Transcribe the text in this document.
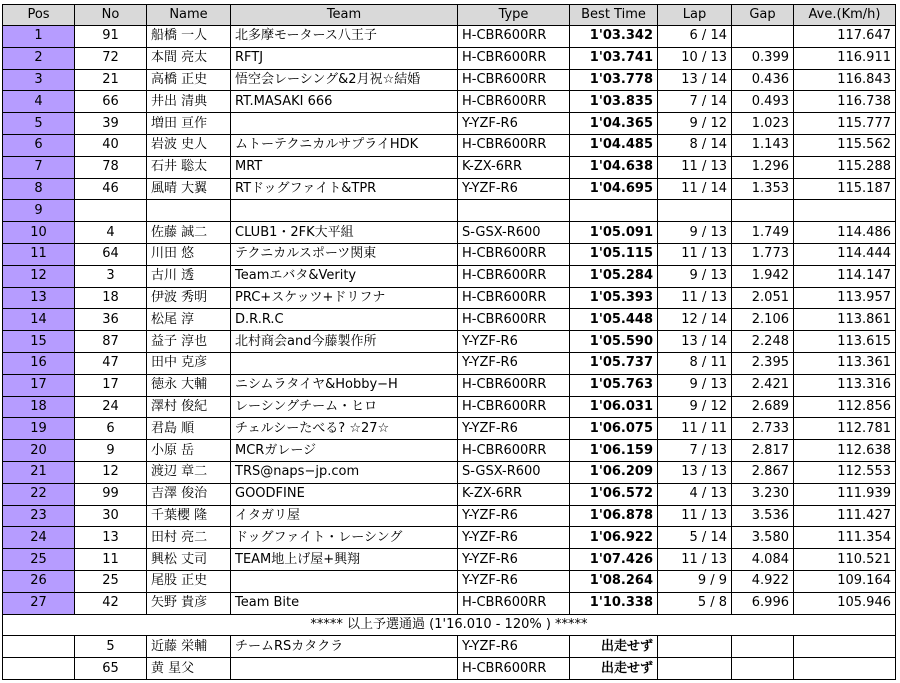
Pos	No	Name	Team	Type	Best Time	Lap	Gap	Ave.(Km/h)
1	91	船橋 一人	北多摩モータース八王子	H-CBR600RR	1'03.342	6 / 14		117.647
2	72	本間 亮太	RFTJ	H-CBR600RR	1'03.741	10 / 13	0.399	116.911
3	21	高橋 正史	悟空会レーシング&2月祝☆結婚	H-CBR600RR	1'03.778	13 / 14	0.436	116.843
4	66	井出 清典	RT.MASAKI 666	H-CBR600RR	1'03.835	7 / 14	0.493	116.738
5	39	増田 亘作		Y-YZF-R6	1'04.365	9 / 12	1.023	115.777
6	40	岩波 史人	ムトーテクニカルサプライHDK	H-CBR600RR	1'04.485	8 / 14	1.143	115.562
7	78	石井 聡太	MRT	K-ZX-6RR	1'04.638	11 / 13	1.296	115.288
8	46	風晴 大翼	RTドッグファイト&TPR	Y-YZF-R6	1'04.695	11 / 14	1.353	115.187
9								
10	4	佐藤 誠二	CLUB1・2FK大平組	S-GSX-R600	1'05.091	9 / 13	1.749	114.486
11	64	川田 悠	テクニカルスポーツ関東	H-CBR600RR	1'05.115	11 / 13	1.773	114.444
12	3	古川 透	Teamエバタ&Verity	H-CBR600RR	1'05.284	9 / 13	1.942	114.147
13	18	伊波 秀明	PRC+スケッツ+ドリフナ	H-CBR600RR	1'05.393	11 / 13	2.051	113.957
14	36	松尾 淳	D.R.R.C	H-CBR600RR	1'05.448	12 / 14	2.106	113.861
15	87	益子 淳也	北村商会and今藤製作所	Y-YZF-R6	1'05.590	13 / 14	2.248	113.615
16	47	田中 克彦		Y-YZF-R6	1'05.737	8 / 11	2.395	113.361
17	17	徳永 大輔	ニシムラタイヤ&Hobby−H	H-CBR600RR	1'05.763	9 / 13	2.421	113.316
18	24	澤村 俊紀	レーシングチーム・ヒロ	H-CBR600RR	1'06.031	9 / 12	2.689	112.856
19	6	君島 順	チェルシーたべる? ☆27☆	Y-YZF-R6	1'06.075	11 / 11	2.733	112.781
20	9	小原 岳	MCRガレージ	H-CBR600RR	1'06.159	7 / 13	2.817	112.638
21	12	渡辺 章二	TRS@naps−jp.com	S-GSX-R600	1'06.209	13 / 13	2.867	112.553
22	99	吉澤 俊治	GOODFINE	K-ZX-6RR	1'06.572	4 / 13	3.230	111.939
23	30	千葉櫻 隆	イタガリ屋	Y-YZF-R6	1'06.878	11 / 13	3.536	111.427
24	13	田村 亮二	ドッグファイト・レーシング	Y-YZF-R6	1'06.922	5 / 14	3.580	111.354
25	11	興松 丈司	TEAM地上げ屋+興翔	Y-YZF-R6	1'07.426	11 / 13	4.084	110.521
26	25	尾股 正史		Y-YZF-R6	1'08.264	9 / 9	4.922	109.164
27	42	矢野 貴彦	Team Bite	H-CBR600RR	1'10.338	5 / 8	6.996	105.946
***** 以上予選通過 (1'16.010 - 120% ) *****								
	5	近藤 栄輔	チームRSカタクラ	Y-YZF-R6	出走せず			
	65	黄 星父		H-CBR600RR	出走せず			
